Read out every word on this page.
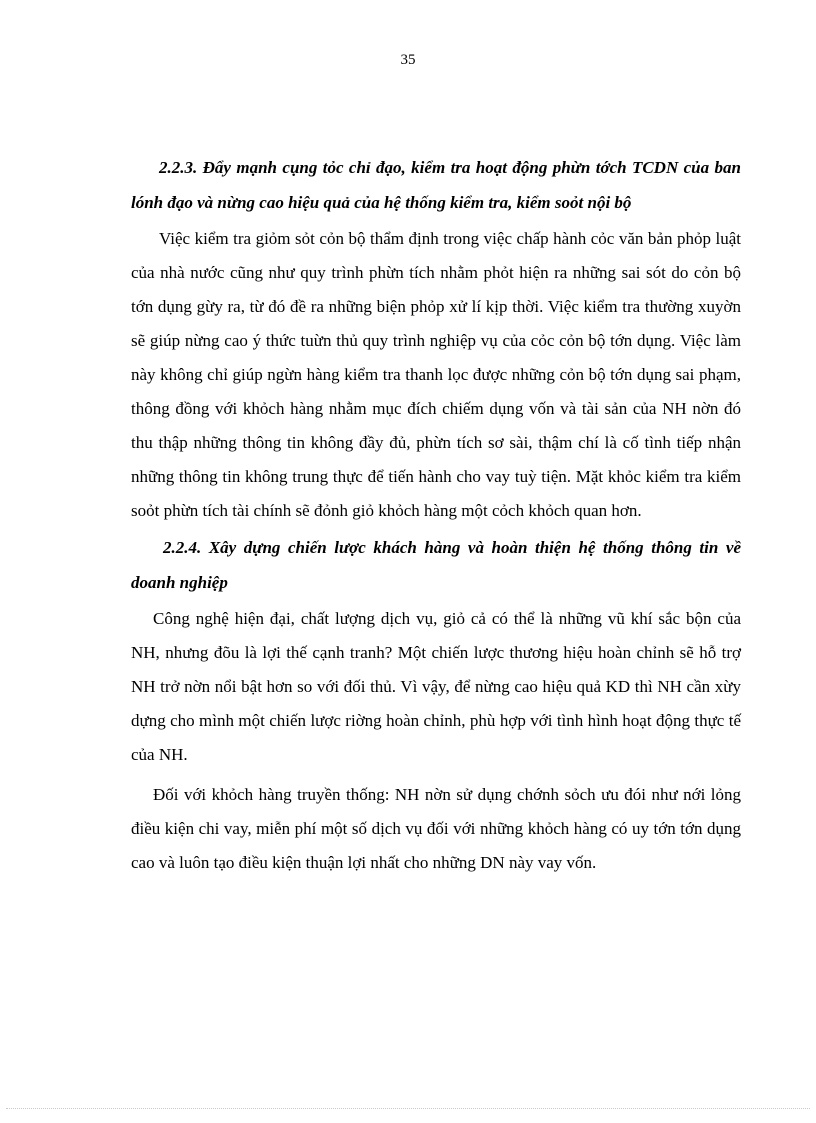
35

2.2.3. Đẩy mạnh cụng tỏc chỉ đạo, kiểm tra hoạt động phừn tớch TCDN của ban lónh đạo và nừng cao hiệu quả của hệ thống kiểm tra, kiểm soỏt nội bộ

Việc kiểm tra giỏm sỏt cỏn bộ thẩm định trong việc chấp hành cỏc văn bản phỏp luật của nhà nước cũng như quy trình phừn tích nhằm phỏt hiện ra những sai sót do cỏn bộ tớn dụng gừy ra, từ đó đề ra những biện phỏp xử lí kịp thời. Việc kiểm tra thường xuyờn sẽ giúp nừng cao ý thức tuừn thủ quy trình nghiệp vụ của cỏc cỏn bộ tớn dụng. Việc làm này không chỉ giúp ngừn hàng kiểm tra thanh lọc được những cỏn bộ tớn dụng sai phạm, thông đồng với khỏch hàng nhằm mục đích chiếm dụng vốn và tài sản của NH nờn đó thu thập những thông tin không đầy đủ, phừn tích sơ sài, thậm chí là cố tình tiếp nhận những thông tin không trung thực để tiến hành cho vay tuỳ tiện. Mặt khỏc kiểm tra kiểm soỏt phừn tích tài chính sẽ đỏnh giỏ khỏch hàng một cỏch khỏch quan hơn.

2.2.4. Xây dựng chiến lược khách hàng và hoàn thiện hệ thống thông tin về doanh nghiệp

Công nghệ hiện đại, chất lượng dịch vụ, giỏ cả có thể là những vũ khí sắc bộn của NH, nhưng đõu là lợi thế cạnh tranh? Một chiến lược thương hiệu hoàn chỉnh sẽ hỗ trợ NH trở nờn nổi bật hơn so với đối thủ. Vì vậy, để nừng cao hiệu quả KD thì NH cần xừy dựng cho mình một chiến lược riờng hoàn chỉnh, phù hợp với tình hình hoạt động thực tế của NH.

Đối với khỏch hàng truyền thống: NH nờn sử dụng chớnh sỏch ưu đói như nới lỏng điều kiện chi vay, miễn phí một số dịch vụ đối với những khỏch hàng có uy tớn tớn dụng cao và luôn tạo điều kiện thuận lợi nhất cho những DN này vay vốn.
